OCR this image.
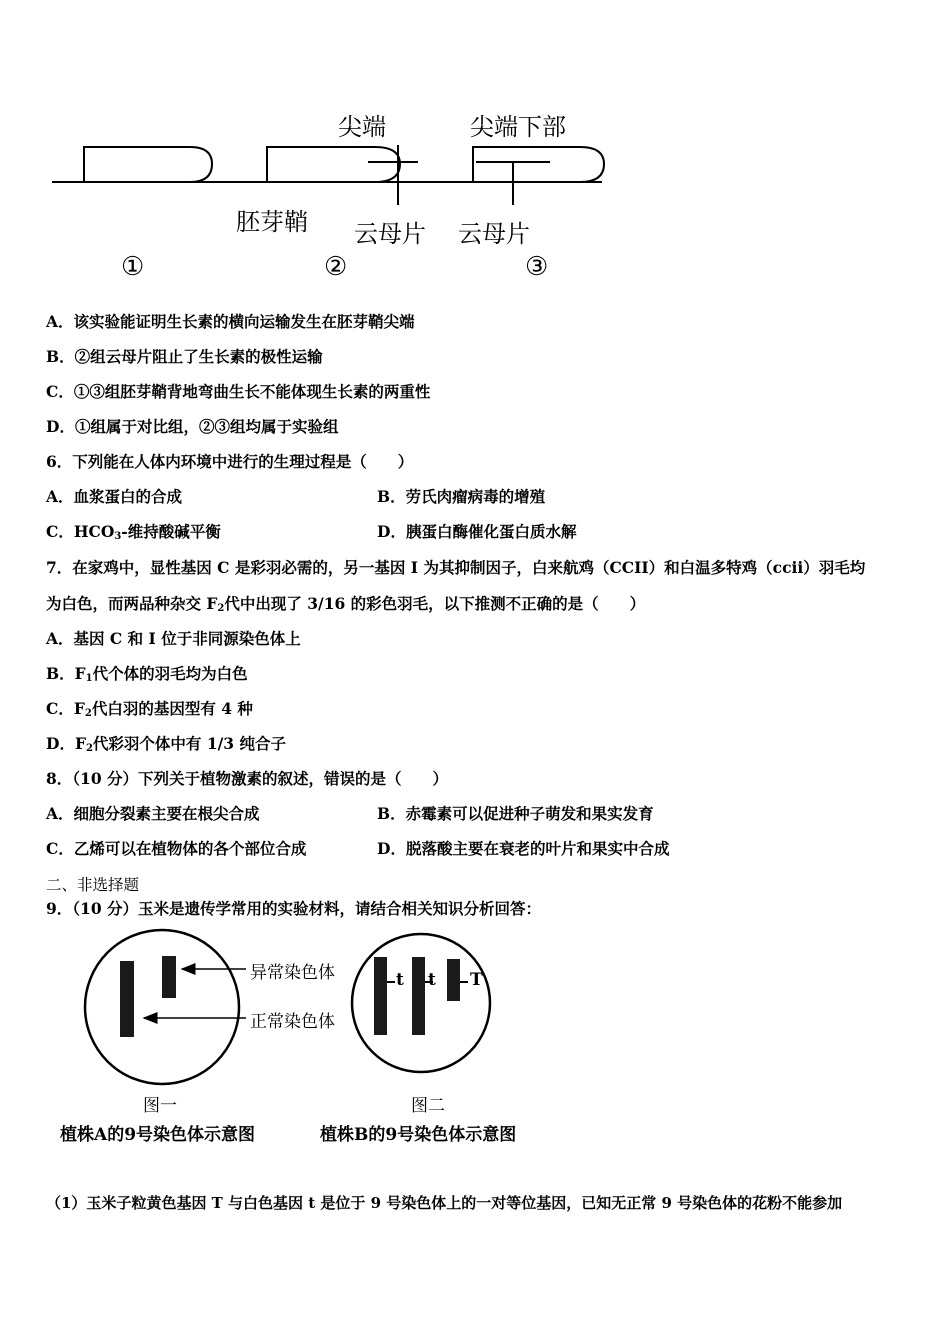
尖端	尖端下部
胚芽鞘 云母片 云母片
①	②	③
A．该实验能证明生长素的横向运输发生在胚芽鞘尖端
B．②组云母片阻止了生长素的极性运输
C．①③组胚芽鞘背地弯曲生长不能体现生长素的两重性
D．①组属于对比组，②③组均属于实验组
6．下列能在人体内环境中进行的生理过程是（　　）
A．血浆蛋白的合成	B．劳氏肉瘤病毒的增殖
C．$HCO_3-$维持酸碱平衡	D．胰蛋白酶催化蛋白质水解
7．在家鸡中，显性基因 C 是彩羽必需的，另一基因 I 为其抑制因子，白来航鸡（CCII）和白温多特鸡（ccii）羽毛均
为白色，而两品种杂交 $F_2$代中出现了 3/16 的彩色羽毛，以下推测不正确的是（　　）
A．基因 C 和 I 位于非同源染色体上
B．$F_1$代个体的羽毛均为白色
C．$F_2$代白羽的基因型有 4 种
D．$F_2$代彩羽个体中有 1/3 纯合子
8．（10 分）下列关于植物激素的叙述，错误的是（　　）
A．细胞分裂素主要在根尖合成	B．赤霉素可以促进种子萌发和果实发育
C．乙烯可以在植物体的各个部位合成	D．脱落酸主要在衰老的叶片和果实中合成
二、非选择题
9．（10 分）玉米是遗传学常用的实验材料，请结合相关知识分析回答：
异常染色体
正常染色体
t t T
图一
植株A的9号染色体示意图
图二
植株B的9号染色体示意图
（1）玉米子粒黄色基因 T 与白色基因 t 是位于 9 号染色体上的一对等位基因，已知无正常 9 号染色体的花粉不能参加
